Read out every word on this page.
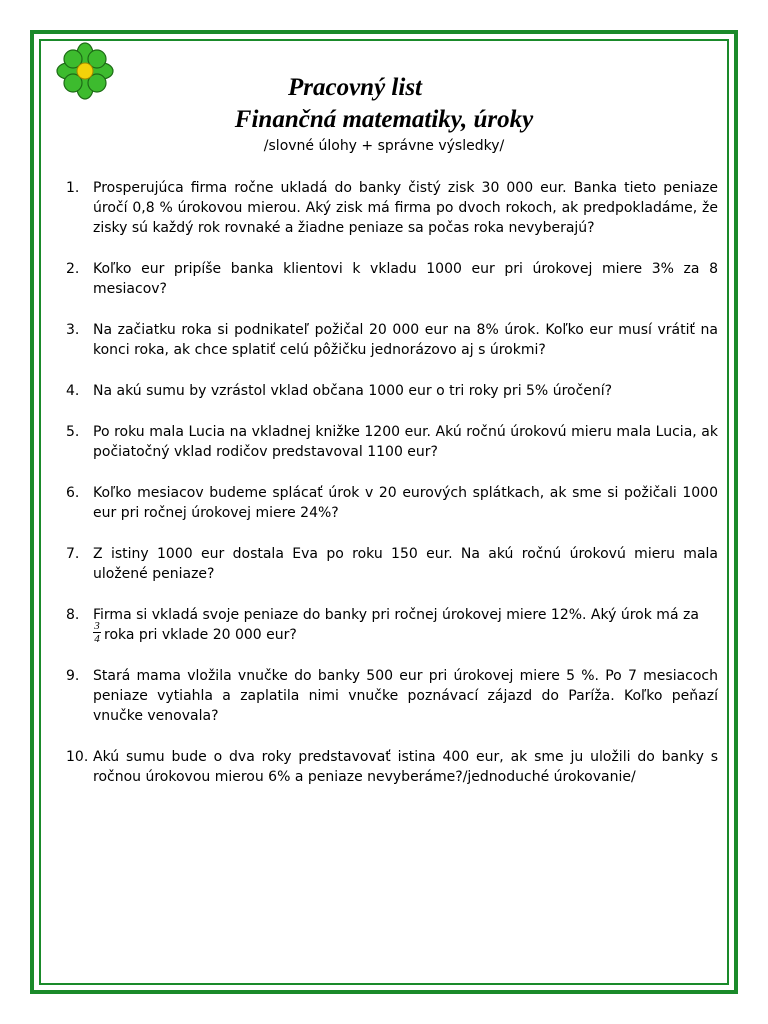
Pracovný list
Finančná matematiky, úroky
/slovné úlohy + správne výsledky/
1. Prosperujúca firma ročne ukladá do banky čistý zisk 30 000 eur. Banka tieto peniaze úročí 0,8 % úrokovou mierou. Aký zisk má firma po dvoch rokoch, ak predpokladáme, že zisky sú každý rok rovnaké a žiadne peniaze sa počas roka nevyberajú?
2. Koľko eur pripíše banka klientovi k vkladu 1000 eur pri úrokovej miere 3% za 8 mesiacov?
3. Na začiatku roka si podnikateľ požičal 20 000 eur na 8% úrok. Koľko eur musí vrátiť na konci roka, ak chce splatiť celú pôžičku jednorázovo aj s úrokmi?
4. Na akú sumu by vzrástol vklad občana 1000 eur o tri roky pri 5% úročení?
5. Po roku mala Lucia na vkladnej knižke 1200 eur. Akú ročnú úrokovú mieru mala Lucia, ak počiatočný vklad rodičov predstavoval 1100 eur?
6. Koľko mesiacov budeme splácať úrok v 20 eurových splátkach, ak sme si požičali 1000 eur pri ročnej úrokovej miere 24%?
7. Z istiny 1000 eur dostala Eva po roku 150 eur. Na akú ročnú úrokovú mieru mala uložené peniaze?
8. Firma si vkladá svoje peniaze do banky pri ročnej úrokovej miere 12%. Aký úrok má za

$\frac{3}{4}$ roka pri vklade 20 000 eur?
9. Stará mama vložila vnučke do banky 500 eur pri úrokovej miere 5 %. Po 7 mesiacoch peniaze vytiahla a zaplatila nimi vnučke poznávací zájazd do Paríža. Koľko peňazí vnučke venovala?
10. Akú sumu bude o dva roky predstavovať istina 400 eur, ak sme ju uložili do banky s ročnou úrokovou mierou 6% a peniaze nevyberáme?/jednoduché úrokovanie/
